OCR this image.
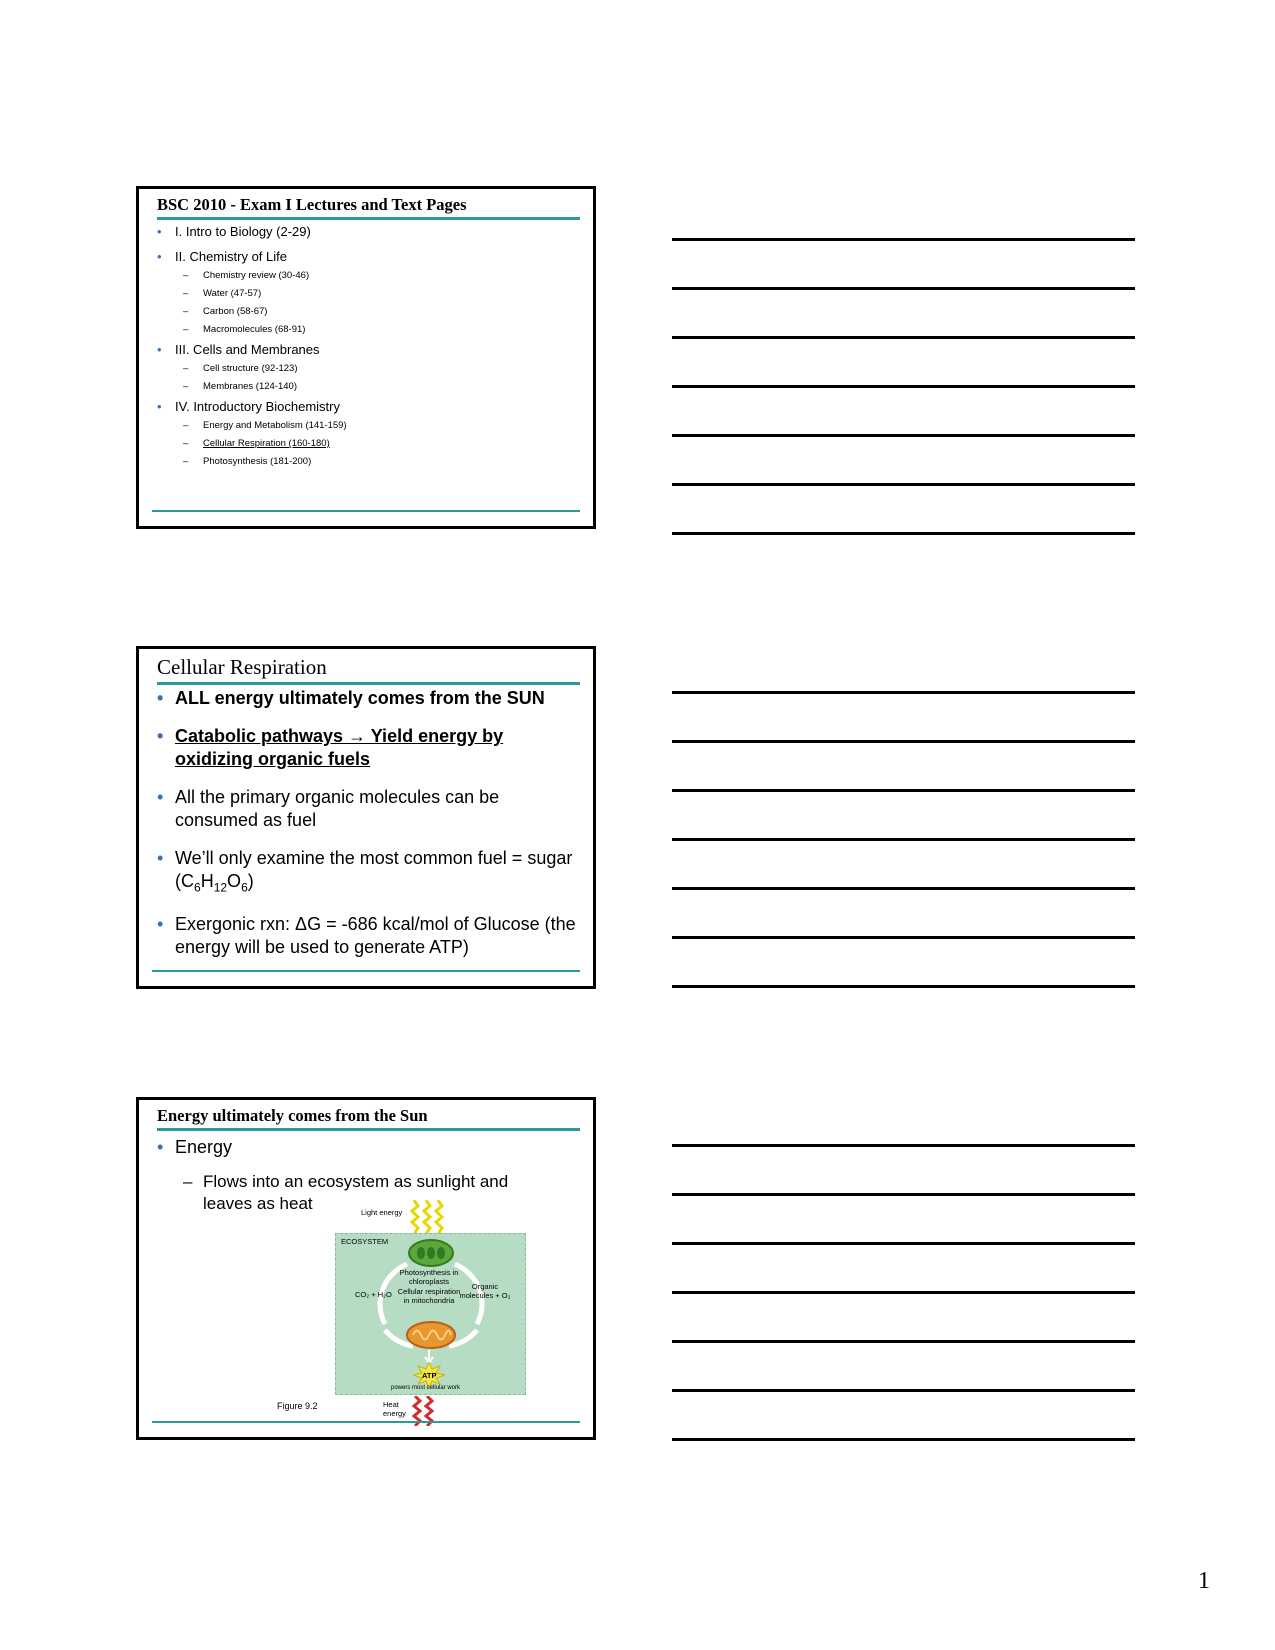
BSC 2010 - Exam I Lectures and Text Pages
• I. Intro to Biology (2-29)
• II. Chemistry of Life
– Chemistry review (30-46)
– Water (47-57)
– Carbon (58-67)
– Macromolecules (68-91)
• III. Cells and Membranes
– Cell structure (92-123)
– Membranes (124-140)
• IV. Introductory Biochemistry
– Energy and Metabolism (141-159)
– Cellular Respiration (160-180)
– Photosynthesis (181-200)
Cellular Respiration
• ALL energy ultimately comes from the SUN
• Catabolic pathways → Yield energy by oxidizing organic fuels
• All the primary organic molecules can be consumed as fuel
• We’ll only examine the most common fuel = sugar $(C_6H_{12}O_6)$
• Exergonic rxn: ΔG = -686 kcal/mol of Glucose (the energy will be used to generate ATP)
Energy ultimately comes from the Sun
• Energy
– Flows into an ecosystem as sunlight and leaves as heat	Light energy
ECOSYSTEM
Photosynthesis in chloroplasts
Cellular respiration in mitochondria
CO₂ + H₂O
Organic molecules + O₂
ATP
powers most cellular work
Heat energy
Figure 9.2
1
